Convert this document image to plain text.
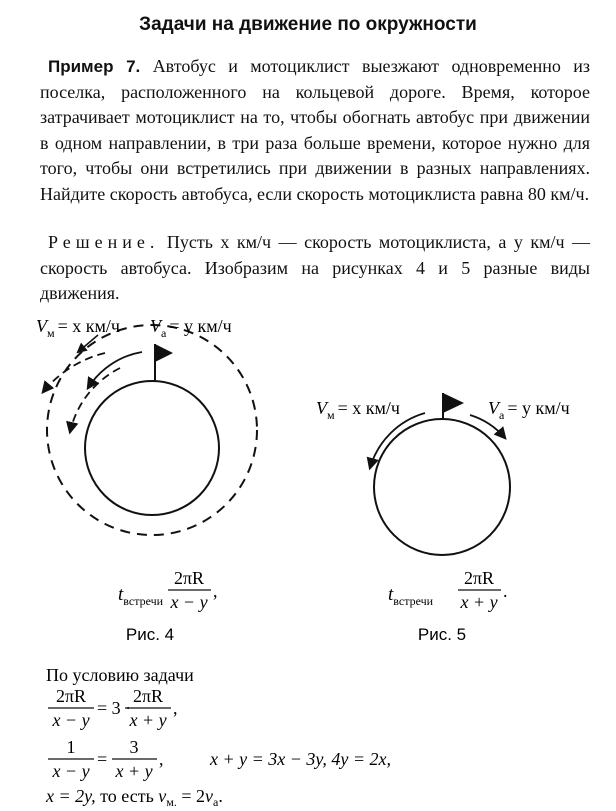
Задачи на движение по окружности

Пример 7. Автобус и мотоциклист выезжают одновременно из поселка, расположенного на кольцевой дороге. Время, которое затрачивает мотоциклист на то, чтобы обогнать автобус при движении в одном направлении, в три раза больше времени, которое нужно для того, чтобы они встретились при движении в разных направлениях. Найдите скорость автобуса, если скорость мотоциклиста равна 80 км/ч.

Решение. Пусть x км/ч — скорость мотоциклиста, а y км/ч — скорость автобуса. Изобразим на рисунках 4 и 5 разные виды движения.

$V_м = x$ км/ч $V_а = y$ км/ч
$t_{встречи}$
2πR
x − y
,
Рис. 4
$V_м = x$ км/ч	$V_а = y$ км/ч
$t_{встречи}$
2πR
x + y
.
Рис. 5
По условию задачи
2πR
x − y
= 3 ·
2πR
x + y
,
1
x − y
=
3
x + y
,	x + y = 3x − 3y, 4y = 2x,
x = 2y, то есть $v_{м.} = 2v_а$.
